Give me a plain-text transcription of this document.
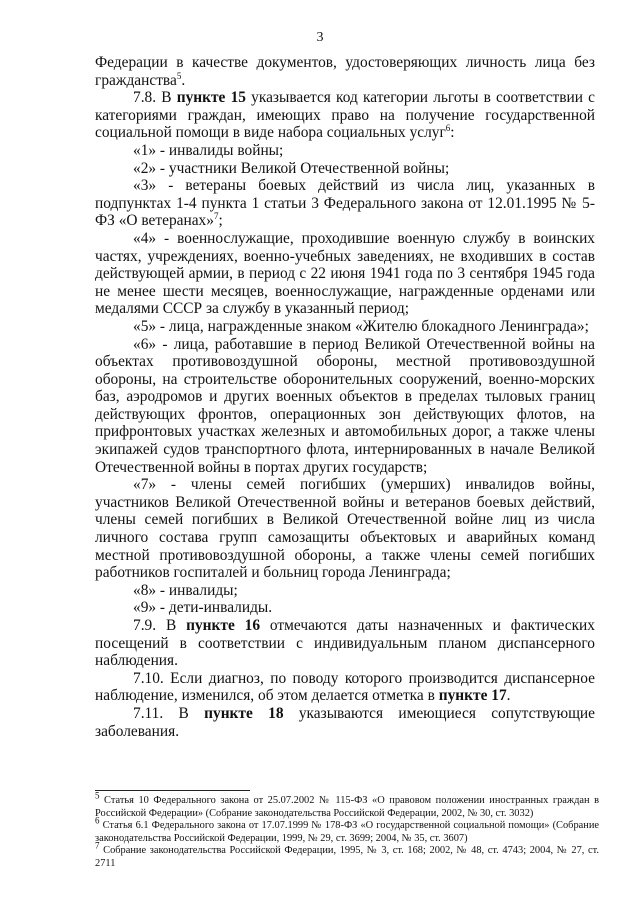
3

Федерации в качестве документов, удостоверяющих личность лица без гражданства$^5$.

7.8. В пункте 15 указывается код категории льготы в соответствии с категориями граждан, имеющих право на получение государственной социальной помощи в виде набора социальных услуг$^6$:

«1» - инвалиды войны;

«2» - участники Великой Отечественной войны;

«3» - ветераны боевых действий из числа лиц, указанных в подпунктах 1-4 пункта 1 статьи 3 Федерального закона от 12.01.1995 № 5-ФЗ «О ветеранах»$^7$;

«4» - военнослужащие, проходившие военную службу в воинских частях, учреждениях, военно-учебных заведениях, не входивших в состав действующей армии, в период с 22 июня 1941 года по 3 сентября 1945 года не менее шести месяцев, военнослужащие, награжденные орденами или медалями СССР за службу в указанный период;

«5» - лица, награжденные знаком «Жителю блокадного Ленинграда»;

«6» - лица, работавшие в период Великой Отечественной войны на объектах противовоздушной обороны, местной противовоздушной обороны, на строительстве оборонительных сооружений, военно-морских баз, аэродромов и других военных объектов в пределах тыловых границ действующих фронтов, операционных зон действующих флотов, на прифронтовых участках железных и автомобильных дорог, а также члены экипажей судов транспортного флота, интернированных в начале Великой Отечественной войны в портах других государств;

«7» - члены семей погибших (умерших) инвалидов войны, участников Великой Отечественной войны и ветеранов боевых действий, члены семей погибших в Великой Отечественной войне лиц из числа личного состава групп самозащиты объектовых и аварийных команд местной противовоздушной обороны, а также члены семей погибших работников госпиталей и больниц города Ленинграда;

«8» - инвалиды;

«9» - дети-инвалиды.

7.9. В пункте 16 отмечаются даты назначенных и фактических посещений в соответствии с индивидуальным планом диспансерного наблюдения.

7.10. Если диагноз, по поводу которого производится диспансерное наблюдение, изменился, об этом делается отметка в пункте 17.

7.11. В пункте 18 указываются имеющиеся сопутствующие заболевания.

$^5$ Статья 10 Федерального закона от 25.07.2002 № 115-ФЗ «О правовом положении иностранных граждан в Российской Федерации» (Собрание законодательства Российской Федерации, 2002, № 30, ст. 3032)

$^6$ Статья 6.1 Федерального закона от 17.07.1999 № 178-ФЗ «О государственной социальной помощи» (Собрание законодательства Российской Федерации, 1999, № 29, ст. 3699; 2004, № 35, ст. 3607)

$^7$ Собрание законодательства Российской Федерации, 1995, № 3, ст. 168; 2002, № 48, ст. 4743; 2004, № 27, ст. 2711
